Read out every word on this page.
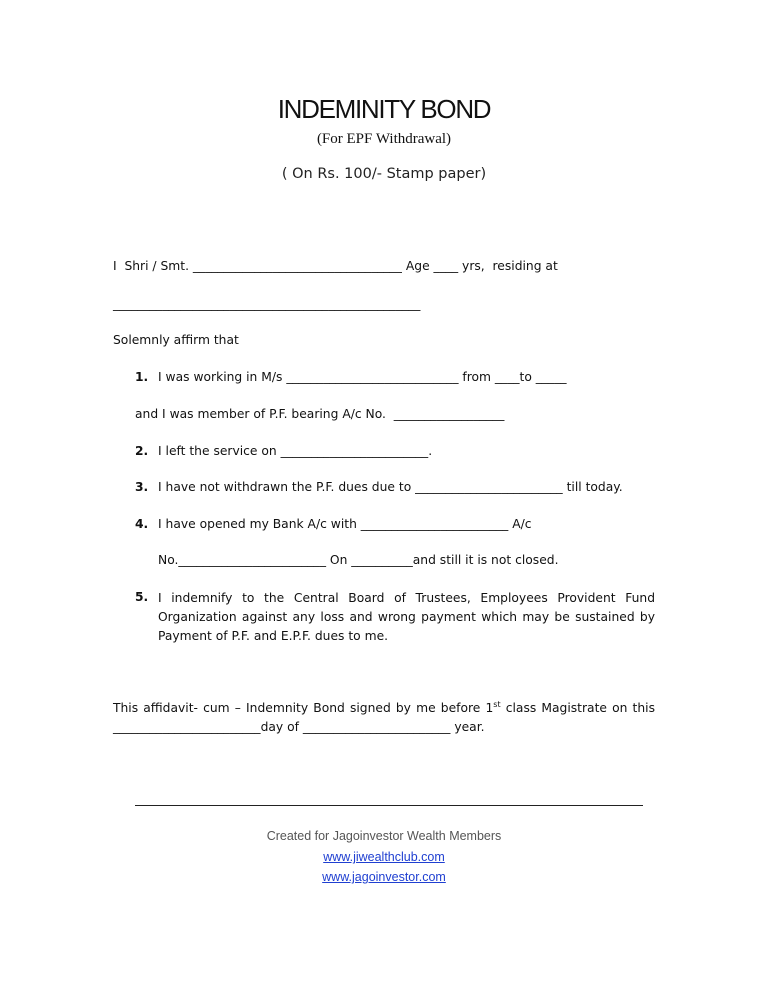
INDEMINITY BOND
(For EPF Withdrawal)
( On Rs. 100/- Stamp paper)
I  Shri / Smt. __________________________________ Age ____ yrs,  residing at
__________________________________________________
Solemnly affirm that
1. I was working in M/s ____________________________ from ____to _____
and I was member of P.F. bearing A/c No.  __________________
2. I left the service on ________________________.
3. I have not withdrawn the P.F. dues due to ________________________ till today.
4. I have opened my Bank A/c with ________________________ A/c
No.________________________ On __________and still it is not closed.
5. I indemnify to the Central Board of Trustees, Employees Provident Fund Organization against any loss and wrong payment which may be sustained by Payment of P.F. and E.P.F. dues to me.
This affidavit- cum – Indemnity Bond signed by me before 1st class Magistrate on this ________________________day of ________________________ year.
Created for Jagoinvestor Wealth Members
www.jiwealthclub.com
www.jagoinvestor.com
